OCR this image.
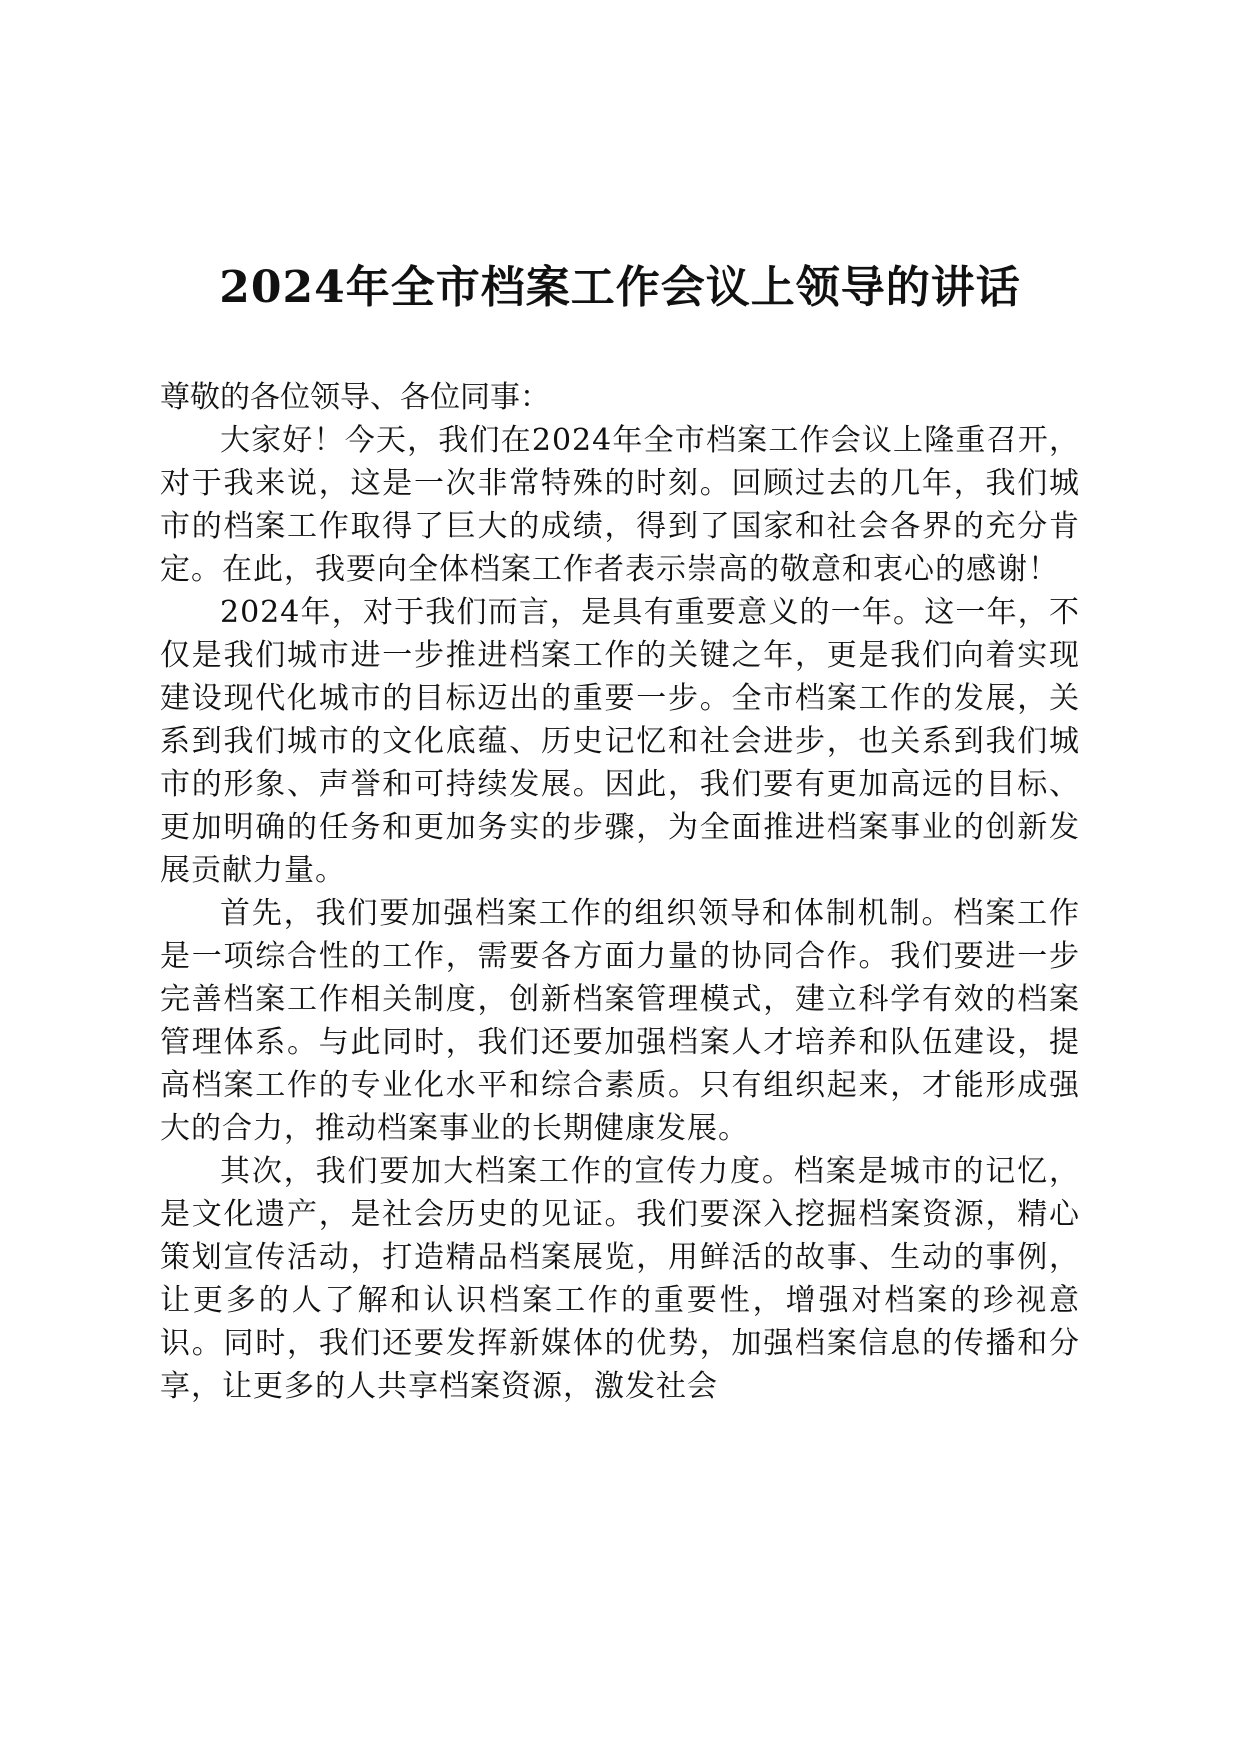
2024年全市档案工作会议上领导的讲话

尊敬的各位领导、各位同事：

大家好！今天，我们在2024年全市档案工作会议上隆重召开，对于我来说，这是一次非常特殊的时刻。回顾过去的几年，我们城市的档案工作取得了巨大的成绩，得到了国家和社会各界的充分肯定。在此，我要向全体档案工作者表示崇高的敬意和衷心的感谢！

2024年，对于我们而言，是具有重要意义的一年。这一年，不仅是我们城市进一步推进档案工作的关键之年，更是我们向着实现建设现代化城市的目标迈出的重要一步。全市档案工作的发展，关系到我们城市的文化底蕴、历史记忆和社会进步，也关系到我们城市的形象、声誉和可持续发展。因此，我们要有更加高远的目标、更加明确的任务和更加务实的步骤，为全面推进档案事业的创新发展贡献力量。

首先，我们要加强档案工作的组织领导和体制机制。档案工作是一项综合性的工作，需要各方面力量的协同合作。我们要进一步完善档案工作相关制度，创新档案管理模式，建立科学有效的档案管理体系。与此同时，我们还要加强档案人才培养和队伍建设，提高档案工作的专业化水平和综合素质。只有组织起来，才能形成强大的合力，推动档案事业的长期健康发展。

其次，我们要加大档案工作的宣传力度。档案是城市的记忆，是文化遗产，是社会历史的见证。我们要深入挖掘档案资源，精心策划宣传活动，打造精品档案展览，用鲜活的故事、生动的事例，让更多的人了解和认识档案工作的重要性，增强对档案的珍视意识。同时，我们还要发挥新媒体的优势，加强档案信息的传播和分享，让更多的人共享档案资源，激发社会
